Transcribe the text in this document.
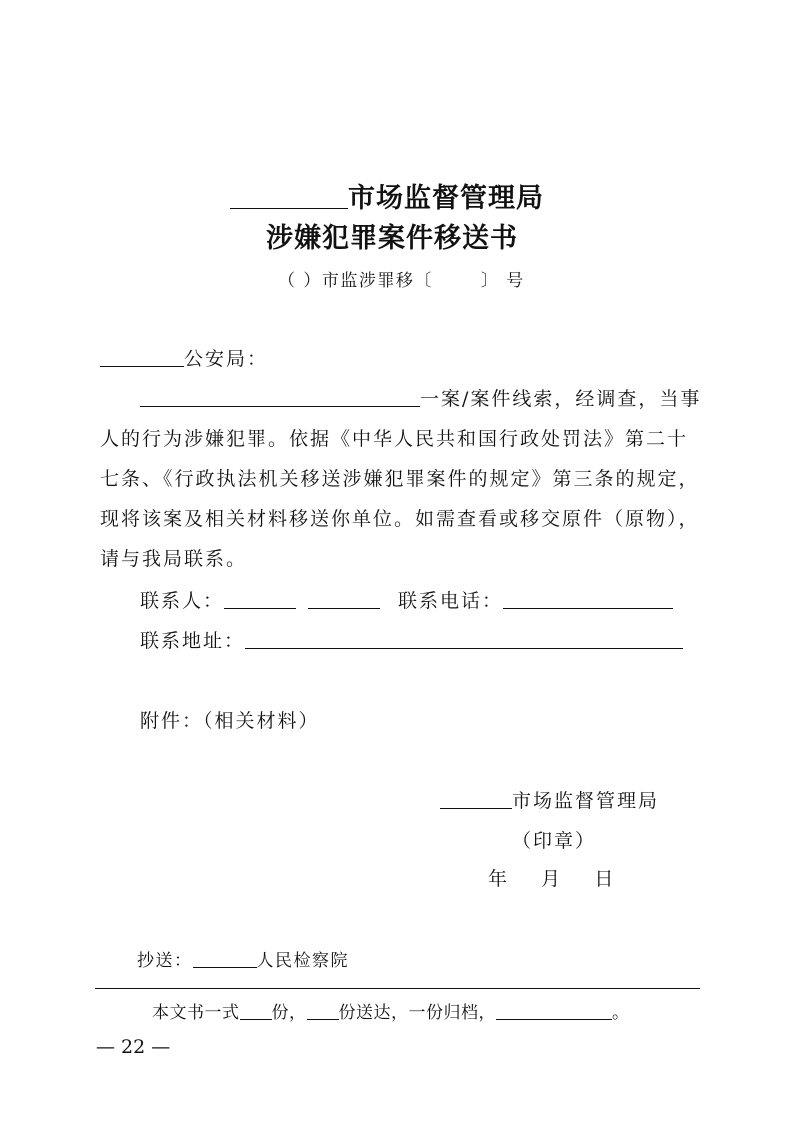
市场监督管理局
涉嫌犯罪案件移送书
（ ）市监涉罪移〔	〕 号
公安局：
一案/案件线索，经调查，当事
人的行为涉嫌犯罪。依据《中华人民共和国行政处罚法》第二十
七条、《行政执法机关移送涉嫌犯罪案件的规定》第三条的规定，
现将该案及相关材料移送你单位。如需查看或移交原件（原物），
请与我局联系。
联系人：	联系电话：
联系地址：
附件：（相关材料）
市场监督管理局
（印章）
年    月    日
抄送：	人民检察院
本文书一式 份， 份送达，一份归档，	。
— 22 —
